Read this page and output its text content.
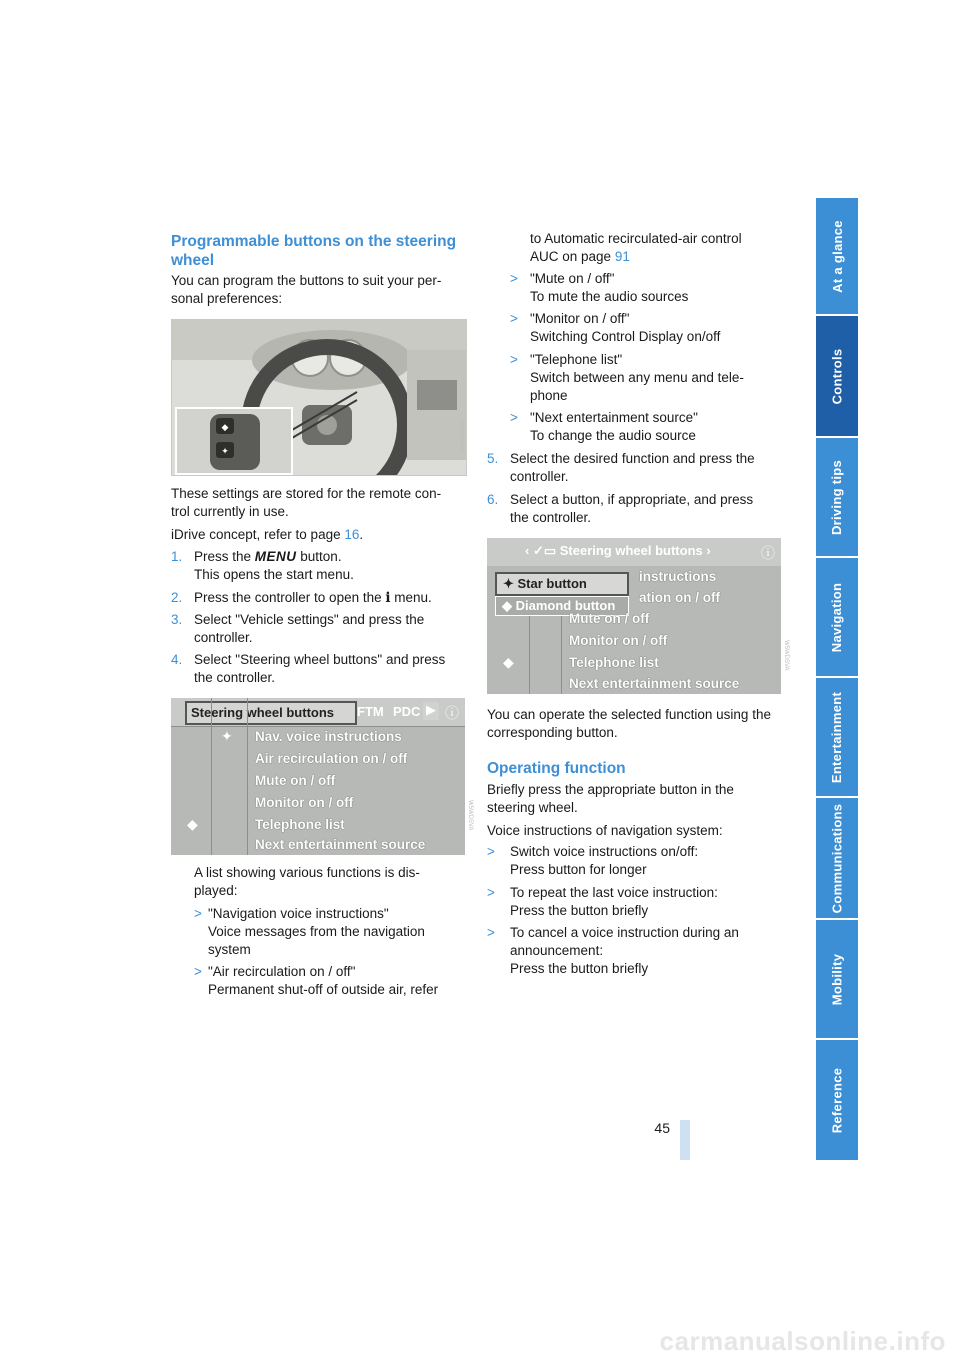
At a glance
Controls
Driving tips
Navigation
Entertainment
Communications
Mobility
Reference
45
Programmable buttons on the steering
wheel
You can program the buttons to suit your per-
sonal preferences:
◆
✦
W5WDSVA
These settings are stored for the remote con-
trol currently in use.
iDrive concept, refer to page 16.
1. Press the MENU button.
This opens the start menu.
2. Press the controller to open the i menu.
3. Select "Vehicle settings" and press the
controller.
4. Select "Steering wheel buttons" and press
the controller.
Steering wheel buttons	FTM PDC ▶ ⓘ
✦
◆
Nav. voice instructions
Air recirculation on / off
Mute on / off
Monitor on / off
Telephone list
Next entertainment source
W5WDSVA
A list showing various functions is dis-
played:
> "Navigation voice instructions"
Voice messages from the navigation
system
> "Air recirculation on / off"
Permanent shut-off of outside air, refer
to Automatic recirculated-air control
AUC on page 91
> "Mute on / off"
To mute the audio sources
> "Monitor on / off"
Switching Control Display on/off
> "Telephone list"
Switch between any menu and tele-
phone
> "Next entertainment source"
To change the audio source
5. Select the desired function and press the
controller.
6. Select a button, if appropriate, and press
the controller.
‹ ✓▭ Steering wheel buttons ›	ⓘ
✦ Star button
◆ Diamond button
◆
instructions
ation on / off
Mute on / off
Monitor on / off
Telephone list
Next entertainment source
W5WDSVA
You can operate the selected function using the
corresponding button.
Operating function
Briefly press the appropriate button in the
steering wheel.
Voice instructions of navigation system:
> Switch voice instructions on/off:
Press button for longer
> To repeat the last voice instruction:
Press the button briefly
> To cancel a voice instruction during an
announcement:
Press the button briefly
carmanualsonline.info
